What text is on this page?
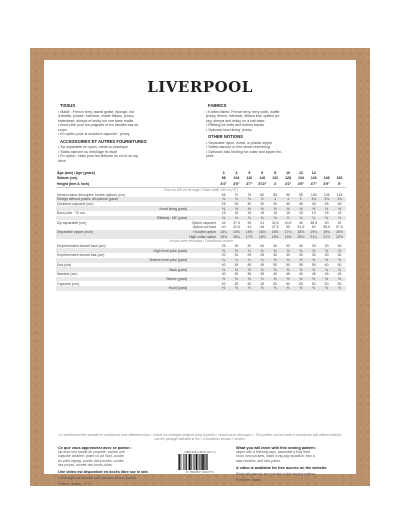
LIVERPOOL
TISSUS

• Maille : French terry, sweat gratté, éponge, nid

d'abeille, polaire, interlock, maille Milano, jersey

matelassé, sherpa et teddy sur une base maille.

• Bord-côte pour les poignets et les bandes bas du

corps.

• En option pour la doublure capuche : jersey

ACCESSOIRES ET AUTRES FOURNITURES

• Zip séparable en nylon, métal ou plastique

• Stabil-manche ou entoilage fin tissé

• En option : biais pour les finitions du col et du zip

déco

FABRICS

• Knitted fabric: French terry, terry cloth, waffle

jersey, fleece, interlock, Milano knit, quilted jer-

sey, sherpa and teddy on a knit base

• Ribbing for cuffs and bottom bands

• Optional hood lining: jersey

OTHER NOTIONS

• Separable nylon, metal, or plastic zipper

• Stabil-manche or fine woven interlining

• Optional: bias binding for collar and zipper fini-

shes

Âge (ans) / Age (years)		3	4	5	6	8	10	12	14		
Stature (cm)		98	104	110	116	122	128	134	140	146	152
Height (feet & inch)		3'3"	3'5"	3'7"	3'10"	4'	4'2"	4'5"	4'7"	4'9"	5'
Tissu en 180 cm de large / Fabric width 180 cm (70")											
Version sans découpes, toutes options (cm)		65	70	75	80	85	90	95	100	105	115
Design without yokes, all options (yard)		¾	¾	¾	⅞	1	1	1	1⅛	1⅛	1¼
Doublure capuche (cm)		25	25	30	30	40	40	45	45	45	45
Hood lining (yard)		½	½	½	½	½	½	½	½	½	½
Bord-côte : 70 cm		15	15	15	15	15	15	15	15	15	15
Ribbing : 28" (yard)		⅛	⅛	⅛	⅛	⅛	⅛	⅛	⅛	⅛	⅛
Zip séparable (cm)	Option capuche	34	37,5	39	41	42,5	43,5	46	48,5	50	52
	Option col haut	40	42,5	44	46	47,5	50	51,5	54	55,5	57,5
Separable zipper (inch)	Hooded option	13¼	14¾	15⅜	16⅛	16¾	17⅛	18⅛	19⅛	19¾	20½
	High collar option	15¾	16¾	17⅜	18⅛	18¾	19¾	20¼	21¼	21⅞	22⅝
Version avec découpes / Colorblocks version											
Empiècement devant haut (cm)		25	25	30	30	30	30	30	30	30	30
High front yoke (yard)		⅜	⅜	⅜	⅜	⅜	⅜	⅜	⅜	⅜	⅜
Empiècement devant bas (cm)		20	20	25	25	30	30	30	30	30	30
Bottom front yoke (yard)		¼	¼	¼	¼	⅜	⅜	⅜	⅜	⅜	⅜
Dos (cm)		40	45	45	45	50	50	55	55	60	60
Back (yard)		½	½	½	½	⅝	⅝	⅝	⅝	¾	¾
Manche (cm)		30	30	35	35	40	45	45	45	45	45
Sleeve (yard)		⅜	⅜	⅜	⅜	½	½	½	½	½	½
Capuche (cm)		40	45	45	45	50	50	50	50	50	50
Hood (yard)		½	½	½	½	⅝	⅝	⅝	⅝	⅝	⅝
Ce modèle peut être travaillé en colorblocks avec différents tissus : utiliser les métrages indiqués dans la partie « Version avec découpes ». This pattern can be made in colorblocks with different fabrics: use the yardage indicated in the « Colorblocks version » section.
Ce que vous apprendrez avec ce patron :
zip avec une bande de propreté, monter une
capuche doublée, poser un col haut, coudre
au point zigzag, coudre des poches, coudre
des pinces, monter des bords-côtes.
Une vidéo est disponible en accès libre sur le site.
Les marges de couture sont incluses dans le patron.
Éditeur : Ikatee - 17 €
ISBN 978-2-9570-0477-4
9 782957 004774
What you will learn with this sewing pattern:
zipper with a finishing tape, assemble a fully lined
hood, sew pockets, make a zig-zag lockstitch, sew a
bias neckline, and sew yokes.
A video is available for free access on the website.
Seam allowances are included in this sewing pattern.
Publisher: Ikatee
